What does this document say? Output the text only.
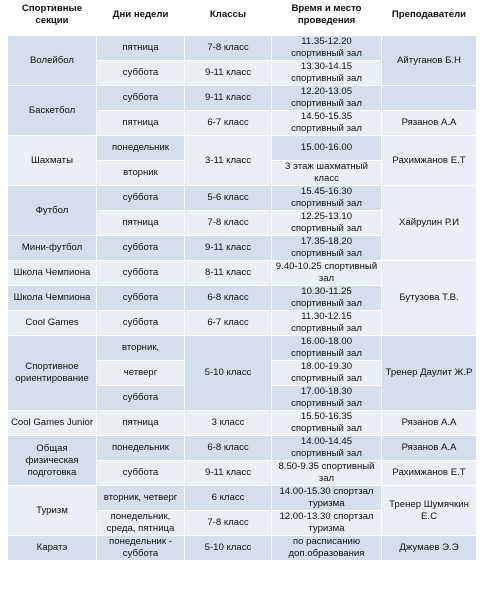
Спортивные секции	Дни недели	Классы	Время и место проведения	Преподаватели
Волейбол	пятница	7-8 класс	11.35-12.20 спортивный зал	Айтуганов Б.Н
	суббота	9-11 класс	13.30-14.15 спортивный зал	
Баскетбол	суббота	9-11 класс	12.20-13.05 спортивный зал	
	пятница	6-7 класс	14.50-15.35 спортивный зал	Рязанов А.А
Шахматы	понедельник	3-11 класс	15.00-16.00	Рахимжанов Е.Т
	вторник		3 этаж шахматный класс	
Футбол	суббота	5-6 класс	15.45-16.30 спортивный зал	Хайрулин Р.И
	пятница	7-8 класс	12.25-13.10 спортивный зал	
Мини-футбол	суббота	9-11 класс	17.35-18.20 спортивный зал	
Школа Чемпиона	суббота	8-11 класс	9.40-10.25 спортивный зал	Бутузова Т.В.
Школа Чемпиона	суббота	6-8 класс	10.30-11.25 спортивный зал	
Cool Games	суббота	6-7 класс	11.30-12.15 спортивный зал	
Спортивное ориентирование	вторник,	5-10 класс	16.00-18.00 спортивный зал	Тренер Даулит Ж.Р
	четверг		18.00-19.30 спортивный зал	
	суббота		17.00-18.30 спортивный зал	
Cool Games Junior	пятница	3 класс	15.50-16.35 спортивный зал	Рязанов А.А
Общая физическая подготовка	понедельник	6-8 класс	14.00-14.45 спортивный зал	Рязанов А.А
	суббота	9-11 класс	8.50-9.35 спортивный зал	Рахимжанов Е.Т
Туризм	вторник, четверг	6 класс	14.00-15.30 спортзал туризма	Тренер Шумячкин Е.С
	понедельник, среда, пятница	7-8 класс	12.00-13.30 спортзал туризма	
Каратэ	понедельник - суббота	5-10 класс	по расписанию доп.образования	Джумаев Э.Э
